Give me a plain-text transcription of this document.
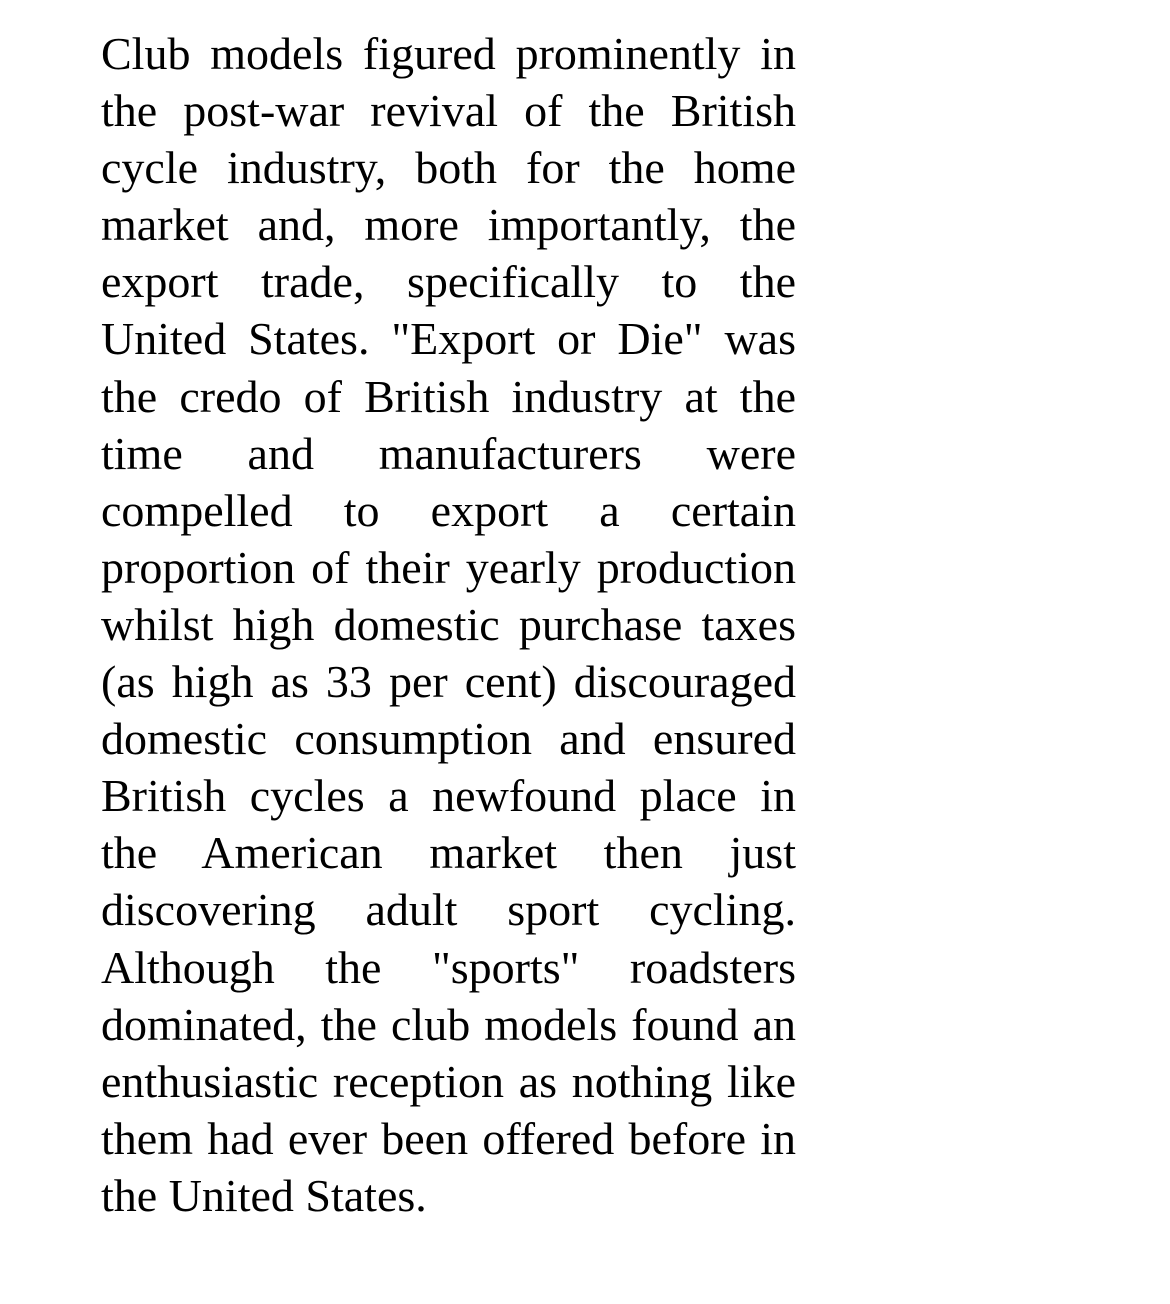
Club models figured prominently in the post-war revival of the British cycle industry, both for the home market and, more importantly, the export trade, specifically to the United States. "Export or Die" was the credo of British industry at the time and manufacturers were compelled to export a certain proportion of their yearly production whilst high domestic purchase taxes (as high as 33 per cent) discouraged domestic consumption and ensured British cycles a newfound place in the American market then just discovering adult sport cycling. Although the "sports" roadsters dominated, the club models found an enthusiastic reception as nothing like them had ever been offered before in the United States.
